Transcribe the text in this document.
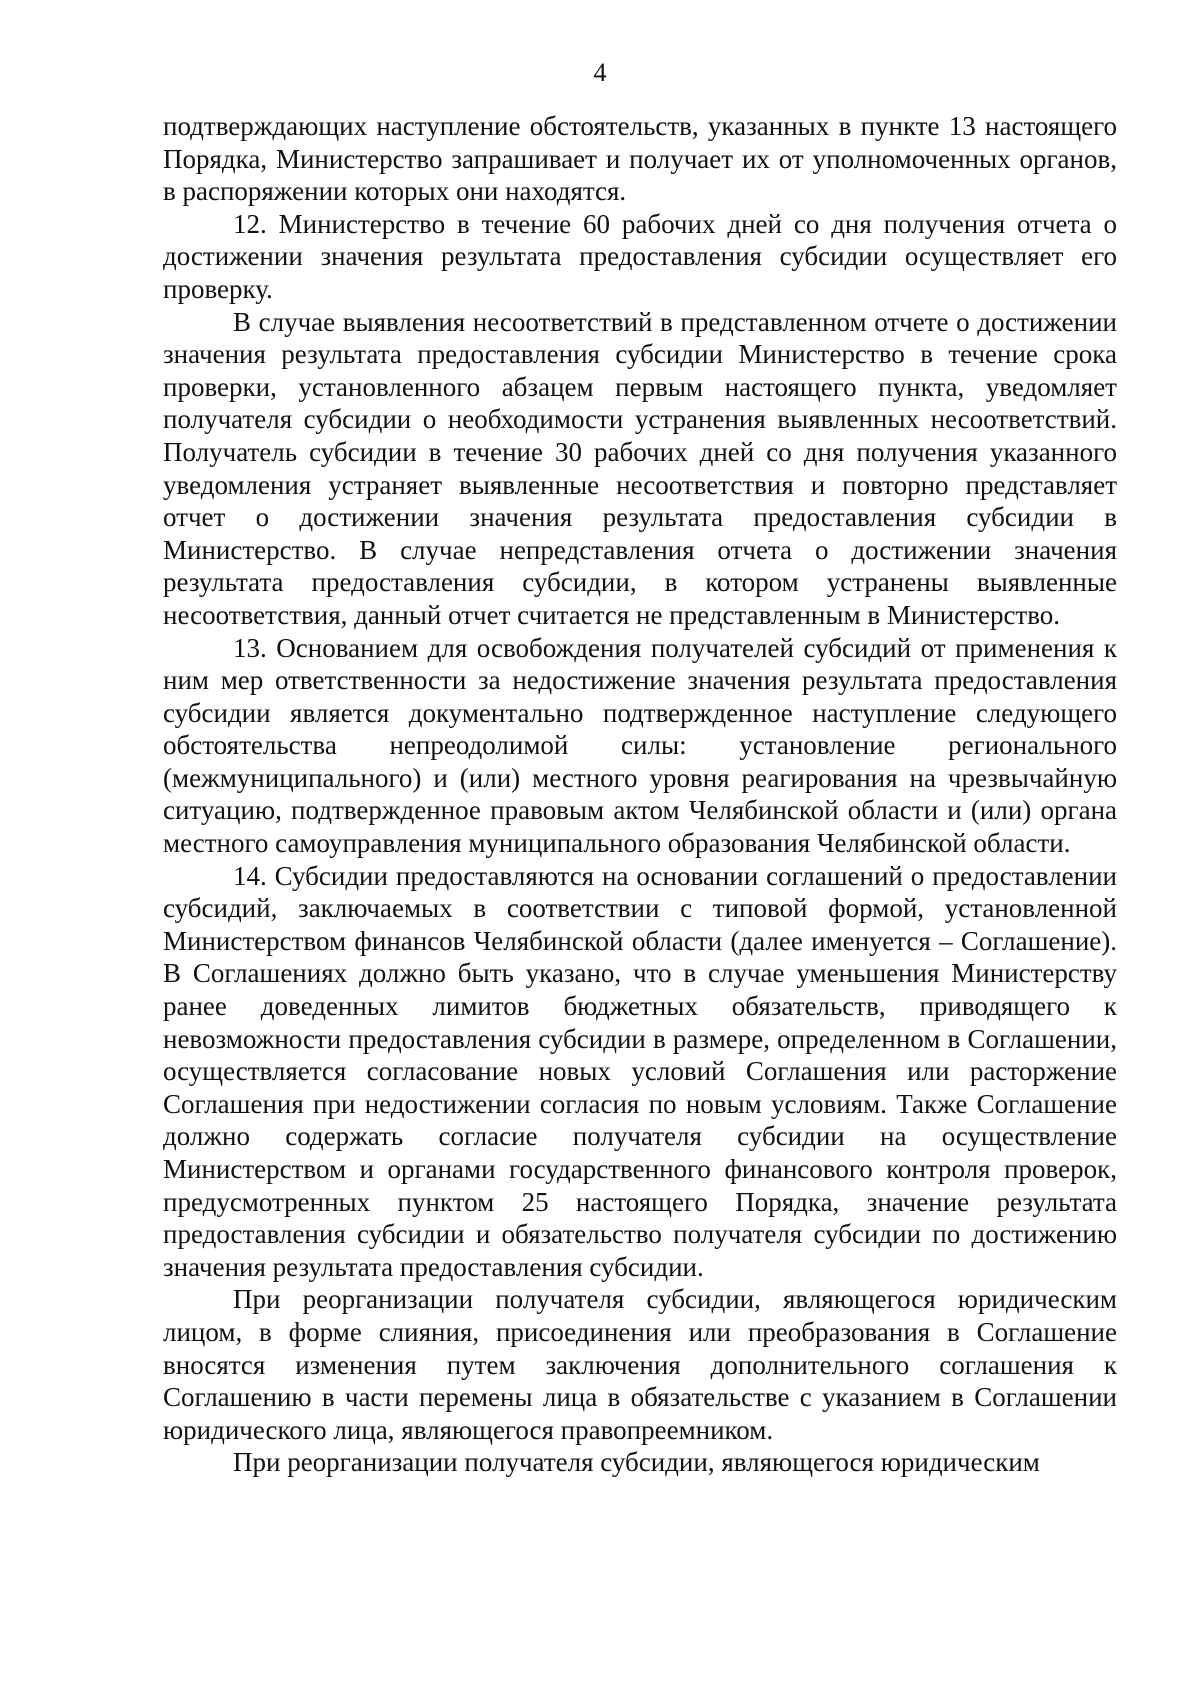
4

подтверждающих наступление обстоятельств, указанных в пункте 13 настоящего Порядка, Министерство запрашивает и получает их от уполномоченных органов, в распоряжении которых они находятся.

12. Министерство в течение 60 рабочих дней со дня получения отчета о достижении значения результата предоставления субсидии осуществляет его проверку.

В случае выявления несоответствий в представленном отчете о достижении значения результата предоставления субсидии Министерство в течение срока проверки, установленного абзацем первым настоящего пункта, уведомляет получателя субсидии о необходимости устранения выявленных несоответствий. Получатель субсидии в течение 30 рабочих дней со дня получения указанного уведомления устраняет выявленные несоответствия и повторно представляет отчет о достижении значения результата предоставления субсидии в Министерство. В случае непредставления отчета о достижении значения результата предоставления субсидии, в котором устранены выявленные несоответствия, данный отчет считается не представленным в Министерство.

13. Основанием для освобождения получателей субсидий от применения к ним мер ответственности за недостижение значения результата предоставления субсидии является документально подтвержденное наступление следующего обстоятельства непреодолимой силы: установление регионального (межмуниципального) и (или) местного уровня реагирования на чрезвычайную ситуацию, подтвержденное правовым актом Челябинской области и (или) органа местного самоуправления муниципального образования Челябинской области.

14. Субсидии предоставляются на основании соглашений о предоставлении субсидий, заключаемых в соответствии с типовой формой, установленной Министерством финансов Челябинской области (далее именуется – Соглашение). В Соглашениях должно быть указано, что в случае уменьшения Министерству ранее доведенных лимитов бюджетных обязательств, приводящего к невозможности предоставления субсидии в размере, определенном в Соглашении, осуществляется согласование новых условий Соглашения или расторжение Соглашения при недостижении согласия по новым условиям. Также Соглашение должно содержать согласие получателя субсидии на осуществление Министерством и органами государственного финансового контроля проверок, предусмотренных пунктом 25 настоящего Порядка, значение результата предоставления субсидии и обязательство получателя субсидии по достижению значения результата предоставления субсидии.

При реорганизации получателя субсидии, являющегося юридическим лицом, в форме слияния, присоединения или преобразования в Соглашение вносятся изменения путем заключения дополнительного соглашения к Соглашению в части перемены лица в обязательстве с указанием в Соглашении юридического лица, являющегося правопреемником.

При реорганизации получателя субсидии, являющегося юридическим
